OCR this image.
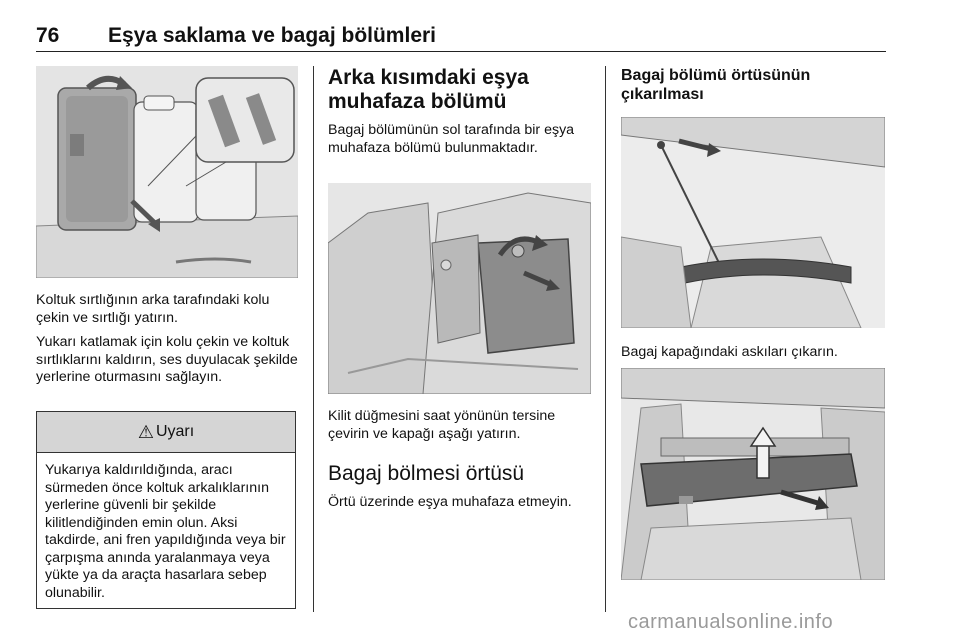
76 Eşya saklama ve bagaj bölümleri

Koltuk sırtlığının arka tarafındaki kolu çekin ve sırtlığı yatırın.

Yukarı katlamak için kolu çekin ve koltuk sırtlıklarını kaldırın, ses duyulacak şekilde yerlerine oturmasını sağlayın.

⚠ Uyarı
Yukarıya kaldırıldığında, aracı sürmeden önce koltuk arkalıklarının yerlerine güvenli bir şekilde kilitlendiğinden emin olun. Aksi takdirde, ani fren yapıldığında veya bir çarpışma anında yaralanmaya veya yükte ya da araçta hasarlara sebep olunabilir.
Arka kısımdaki eşya muhafaza bölümü
Bagaj bölümünün sol tarafında bir eşya muhafaza bölümü bulunmaktadır.
Kilit düğmesini saat yönünün tersine çevirin ve kapağı aşağı yatırın.
Bagaj bölmesi örtüsü
Örtü üzerinde eşya muhafaza etmeyin.
Bagaj bölümü örtüsünün çıkarılması
Bagaj kapağındaki askıları çıkarın.
carmanualsonline.info
